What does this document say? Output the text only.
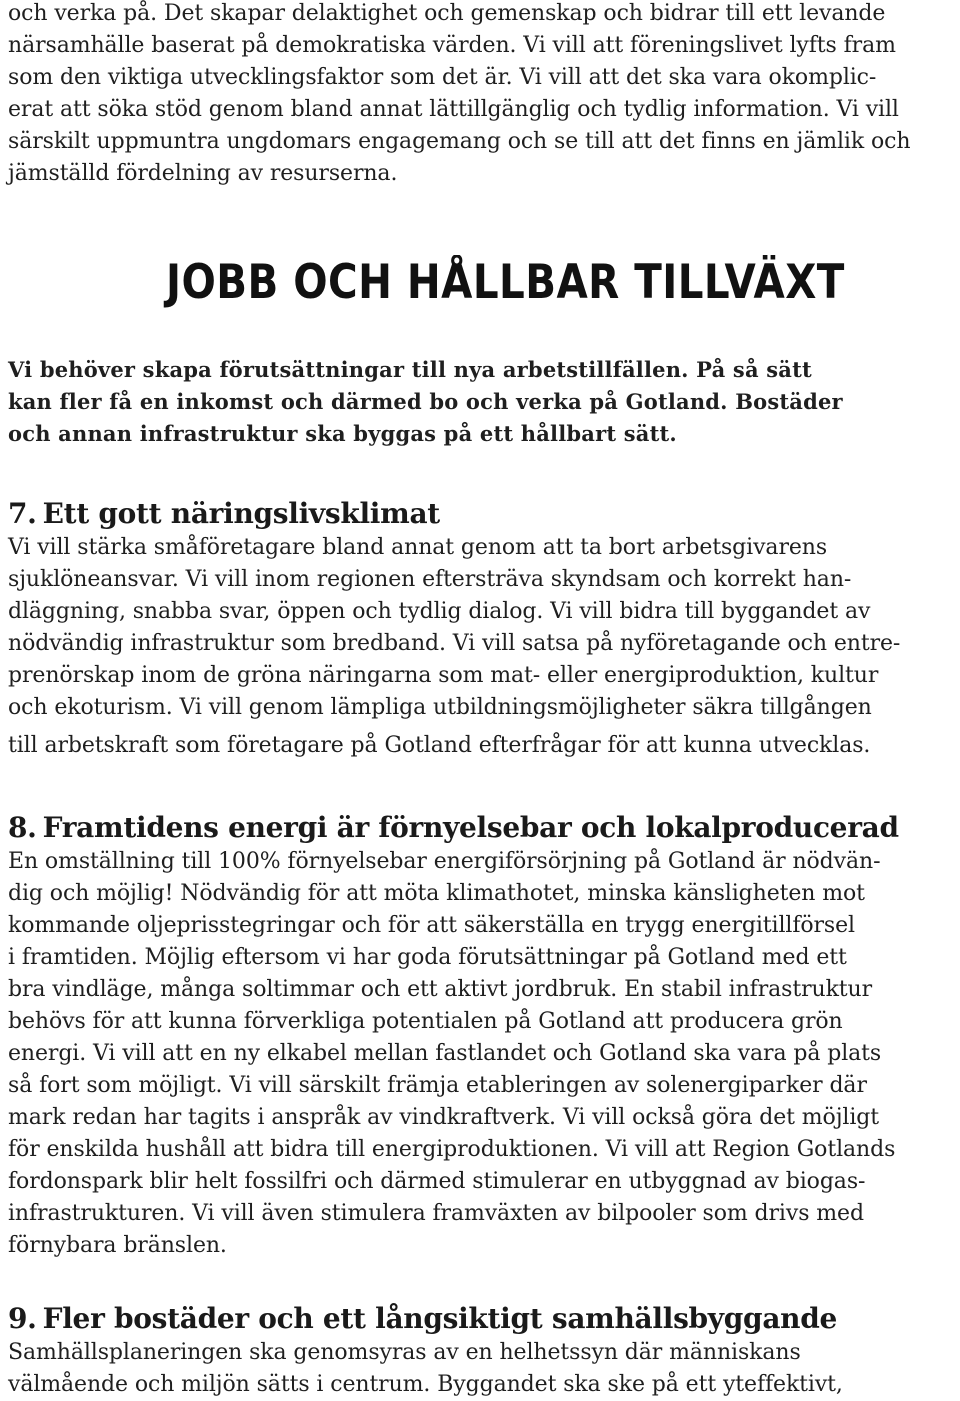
och verka på. Det skapar delaktighet och gemenskap och bidrar till ett levande

närsamhälle baserat på demokratiska värden. Vi vill att föreningslivet lyfts fram

som den viktiga utvecklingsfaktor som det är. Vi vill att det ska vara okomplic-

erat att söka stöd genom bland annat lättillgänglig och tydlig information. Vi vill

särskilt uppmuntra ungdomars engagemang och se till att det finns en jämlik och

jämställd fördelning av resurserna.

JOBB OCH HÅLLBAR TILLVÄXT

Vi behöver skapa förutsättningar till nya arbetstillfällen. På så sätt

kan fler få en inkomst och därmed bo och verka på Gotland. Bostäder

och annan infrastruktur ska byggas på ett hållbart sätt.

7. Ett gott näringslivsklimat

Vi vill stärka småföretagare bland annat genom att ta bort arbetsgivarens

sjuklöneansvar. Vi vill inom regionen eftersträva skyndsam och korrekt han-

dläggning, snabba svar, öppen och tydlig dialog. Vi vill bidra till byggandet av

nödvändig infrastruktur som bredband. Vi vill satsa på nyföretagande och entre-

prenörskap inom de gröna näringarna som mat- eller energiproduktion, kultur

och ekoturism. Vi vill genom lämpliga utbildningsmöjligheter säkra tillgången

till arbetskraft som företagare på Gotland efterfrågar för att kunna utvecklas.

8. Framtidens energi är förnyelsebar och lokalproducerad

En omställning till 100% förnyelsebar energiförsörjning på Gotland är nödvän-

dig och möjlig! Nödvändig för att möta klimathotet, minska känsligheten mot

kommande oljeprisstegringar och för att säkerställa en trygg energitillförsel

i framtiden. Möjlig eftersom vi har goda förutsättningar på Gotland med ett

bra vindläge, många soltimmar och ett aktivt jordbruk. En stabil infrastruktur

behövs för att kunna förverkliga potentialen på Gotland att producera grön

energi. Vi vill att en ny elkabel mellan fastlandet och Gotland ska vara på plats

så fort som möjligt. Vi vill särskilt främja etableringen av solenergiparker där

mark redan har tagits i anspråk av vindkraftverk. Vi vill också göra det möjligt

för enskilda hushåll att bidra till energiproduktionen. Vi vill att Region Gotlands

fordonspark blir helt fossilfri och därmed stimulerar en utbyggnad av biogas-

infrastrukturen. Vi vill även stimulera framväxten av bilpooler som drivs med

förnybara bränslen.

9. Fler bostäder och ett långsiktigt samhällsbyggande

Samhällsplaneringen ska genomsyras av en helhetssyn där människans

välmående och miljön sätts i centrum. Byggandet ska ske på ett yteffektivt,
